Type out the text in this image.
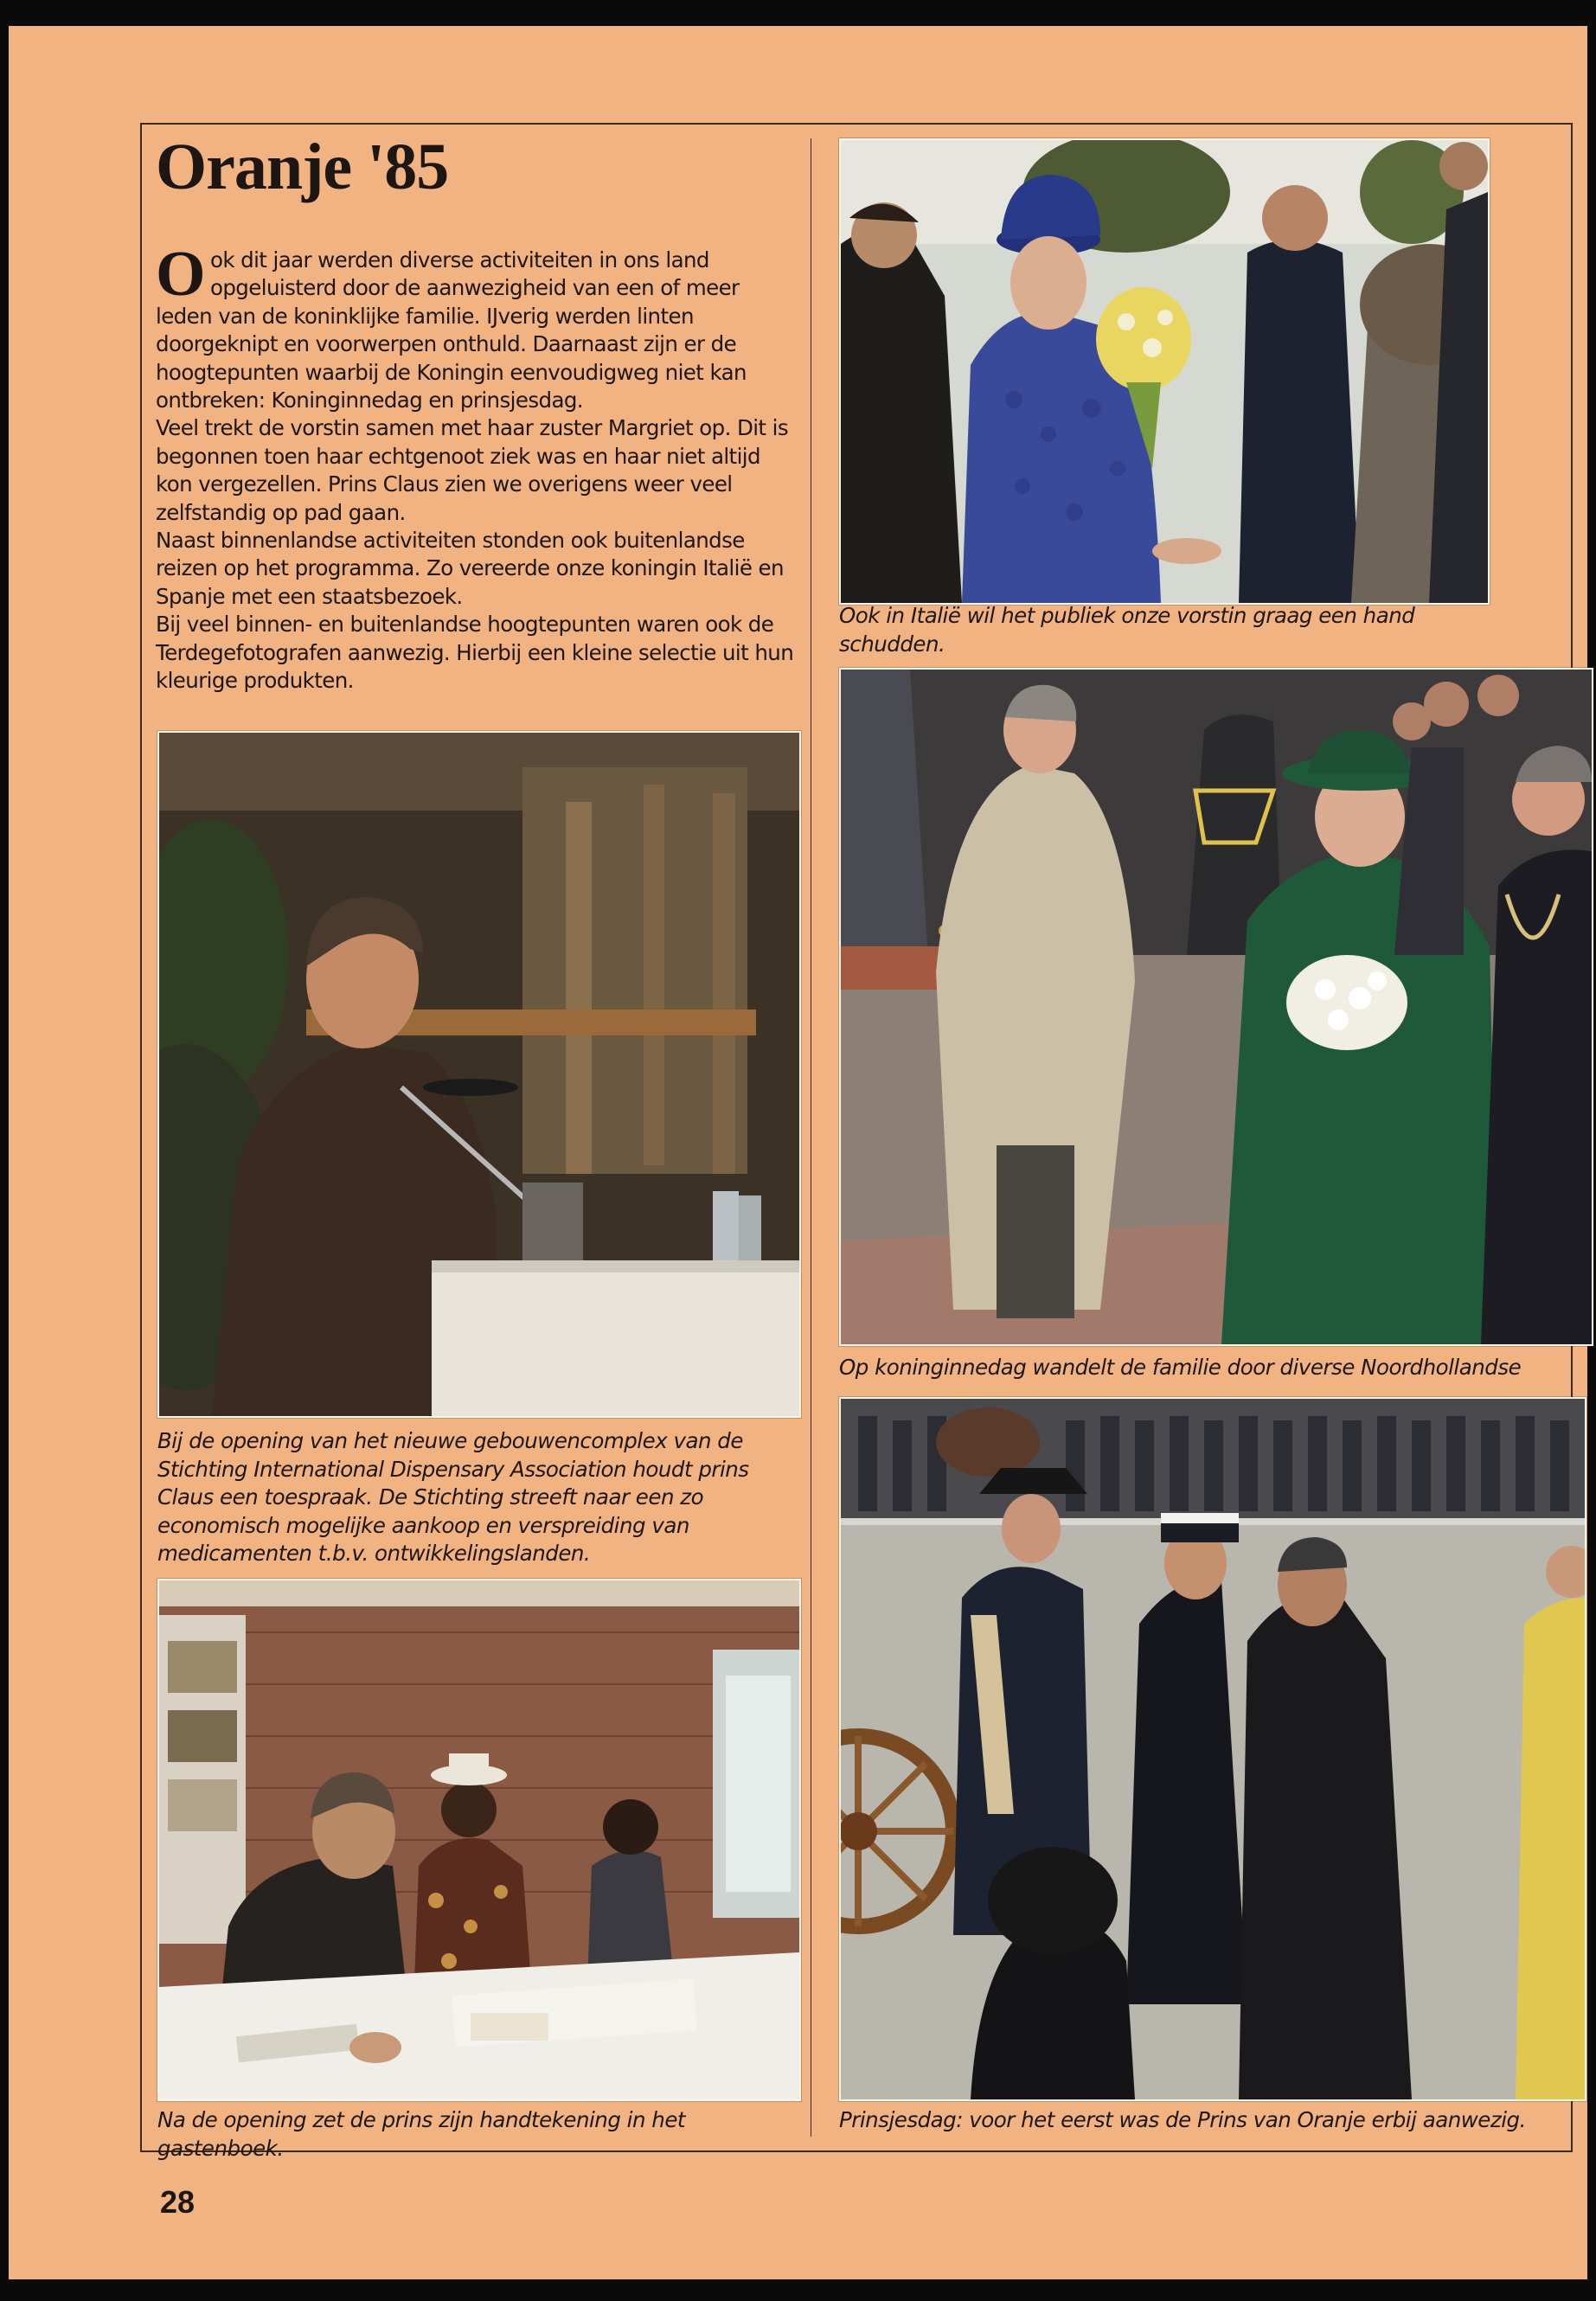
Oranje '85

Ook dit jaar werden diverse activiteiten in ons land opgeluisterd door de aanwezigheid van een of meer leden van de koninklijke familie. IJverig werden linten doorgeknipt en voorwerpen onthuld. Daarnaast zijn er de hoogtepunten waarbij de Koningin eenvoudigweg niet kan ontbreken: Koninginnedag en prinsjesdag.

Veel trekt de vorstin samen met haar zuster Margriet op. Dit is begonnen toen haar echtgenoot ziek was en haar niet altijd kon vergezellen. Prins Claus zien we overigens weer veel zelfstandig op pad gaan.

Naast binnenlandse activiteiten stonden ook buitenlandse reizen op het programma. Zo vereerde onze koningin Italië en Spanje met een staatsbezoek.

Bij veel binnen- en buitenlandse hoogtepunten waren ook de Terdegefotografen aanwezig. Hierbij een kleine selectie uit hun kleurige produkten.

Bij de opening van het nieuwe gebouwencomplex van de Stichting International Dispensary Association houdt prins Claus een toespraak. De Stichting streeft naar een zo economisch mogelijke aankoop en verspreiding van medicamenten t.b.v. ontwikkelingslanden.
Na de opening zet de prins zijn handtekening in het gastenboek.
Ook in Italië wil het publiek onze vorstin graag een hand schudden.
Op koninginnedag wandelt de familie door diverse Noordhollandse
Prinsjesdag: voor het eerst was de Prins van Oranje erbij aanwezig.
28
